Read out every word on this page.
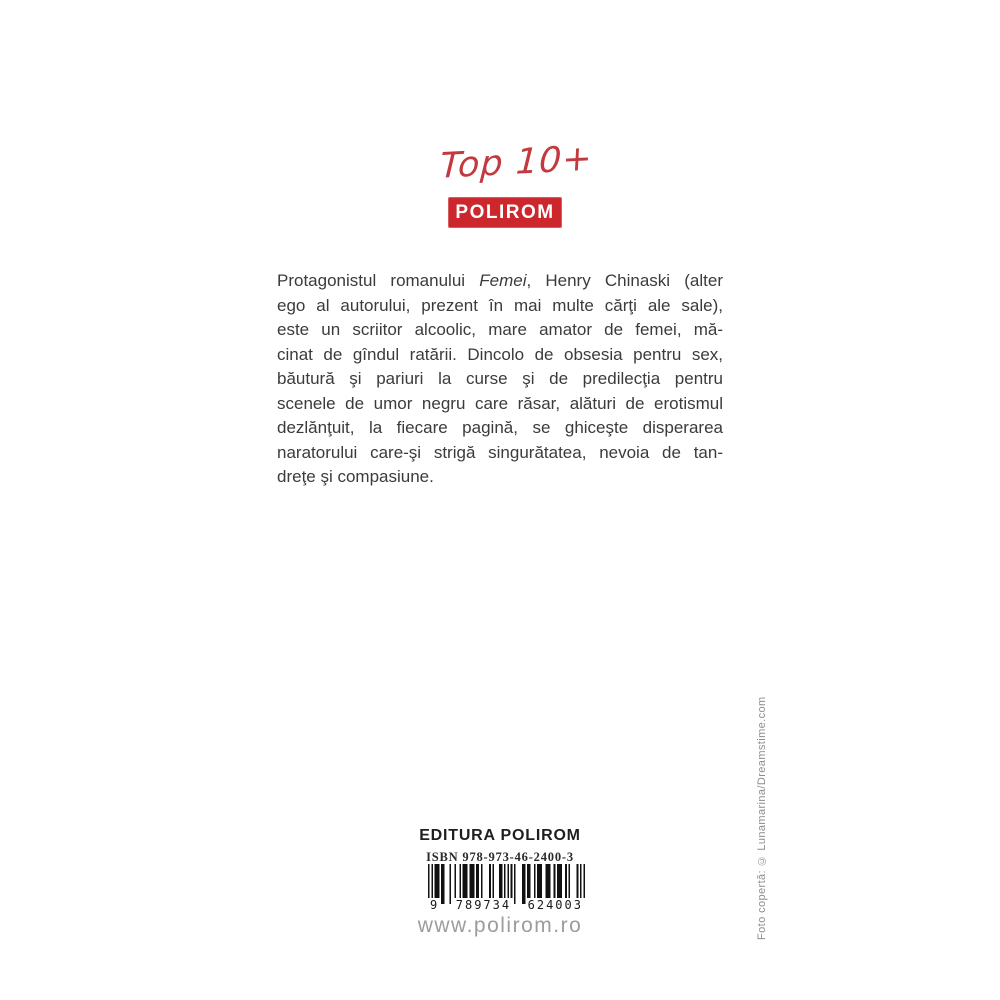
Top 10+
POLIROM
Protagonistul romanului Femei, Henry Chinaski (alter
ego al autorului, prezent în mai multe cărţi ale sale),
este un scriitor alcoolic, mare amator de femei, mă-
cinat de gîndul ratării. Dincolo de obsesia pentru sex,
băutură şi pariuri la curse şi de predilecţia pentru
scenele de umor negru care răsar, alături de erotismul
dezlănţuit, la fiecare pagină, se ghiceşte disperarea
naratorului care-şi strigă singurătatea, nevoia de tan-
dreţe şi compasiune.
Foto copertă: © Lunamarina/Dreamstime.com
EDITURA POLIROM
ISBN 978-973-46-2400-3
9 789734 624003
www.polirom.ro
